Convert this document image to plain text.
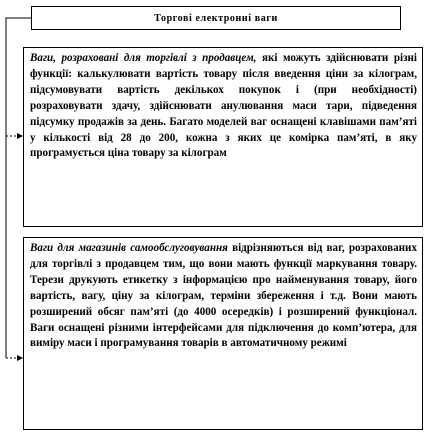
Торгові електронні ваги
Ваги, розраховані для торгівлі з продавцем, які можуть здійснювати різні функції: калькулювати вартість товару після введення ціни за кілограм, підсумовувати вартість декількох покупок і (при необхідності) розраховувати здачу, здійснювати анулювання маси тари, підведення підсумку продажів за день. Багато моделей ваг оснащені клавішами пам’яті у кількості від 28 до 200, кожна з яких це комірка пам’яті, в яку програмується ціна товару за кілограм
Ваги для магазинів самообслуговування відрізняються від ваг, розрахованих для торгівлі з продавцем тим, що вони мають функції маркування товару. Терези друкують етикетку з інформацією про найменування товару, його вартість, вагу, ціну за кілограм, терміни збереження і т.д. Вони мають розширений обсяг пам’яті (до 4000 осередків) і розширений функціонал. Ваги оснащені різними інтерфейсами для підключення до комп’ютера, для виміру маси і програмування товарів в автоматичному режимі
